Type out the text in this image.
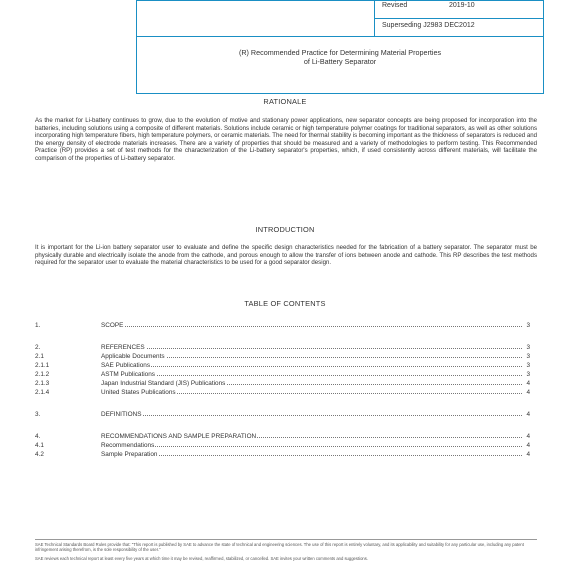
Revised	2019-10
Superseding J2983 DEC2012
(R) Recommended Practice for Determining Material Properties
of Li-Battery Separator
RATIONALE
As the market for Li-battery continues to grow, due to the evolution of motive and stationary power applications, new separator concepts are being proposed for incorporation into the batteries, including solutions using a composite of different materials. Solutions include ceramic or high temperature polymer coatings for traditional separators, as well as other solutions incorporating high temperature fibers, high temperature polymers, or ceramic materials. The need for thermal stability is becoming important as the thickness of separators is reduced and the energy density of electrode materials increases. There are a variety of properties that should be measured and a variety of methodologies to perform testing. This Recommended Practice (RP) provides a set of test methods for the characterization of the Li-battery separator's properties, which, if used consistently across different materials, will facilitate the comparison of the properties of Li-battery separator.
INTRODUCTION
It is important for the Li-ion battery separator user to evaluate and define the specific design characteristics needed for the fabrication of a battery separator. The separator must be physically durable and electrically isolate the anode from the cathode, and porous enough to allow the transfer of ions between anode and cathode. This RP describes the test methods required for the separator user to evaluate the material characteristics to be used for a good separator design.
TABLE OF CONTENTS
1.	SCOPE	3
2.	REFERENCES	3
2.1	Applicable Documents	3
2.1.1	SAE Publications	3
2.1.2	ASTM Publications	3
2.1.3	Japan Industrial Standard (JIS) Publications	4
2.1.4	United States Publications	4
3.	DEFINITIONS	4
4.	RECOMMENDATIONS AND SAMPLE PREPARATION	4
4.1	Recommendations	4
4.2	Sample Preparation	4
SAE Technical Standards Board Rules provide that: "This report is published by SAE to advance the state of technical and engineering sciences. The use of this report is entirely voluntary, and its applicability and suitability for any particular use, including any patent infringement arising therefrom, is the sole responsibility of the user."
SAE reviews each technical report at least every five years at which time it may be revised, reaffirmed, stabilized, or cancelled. SAE invites your written comments and suggestions.
